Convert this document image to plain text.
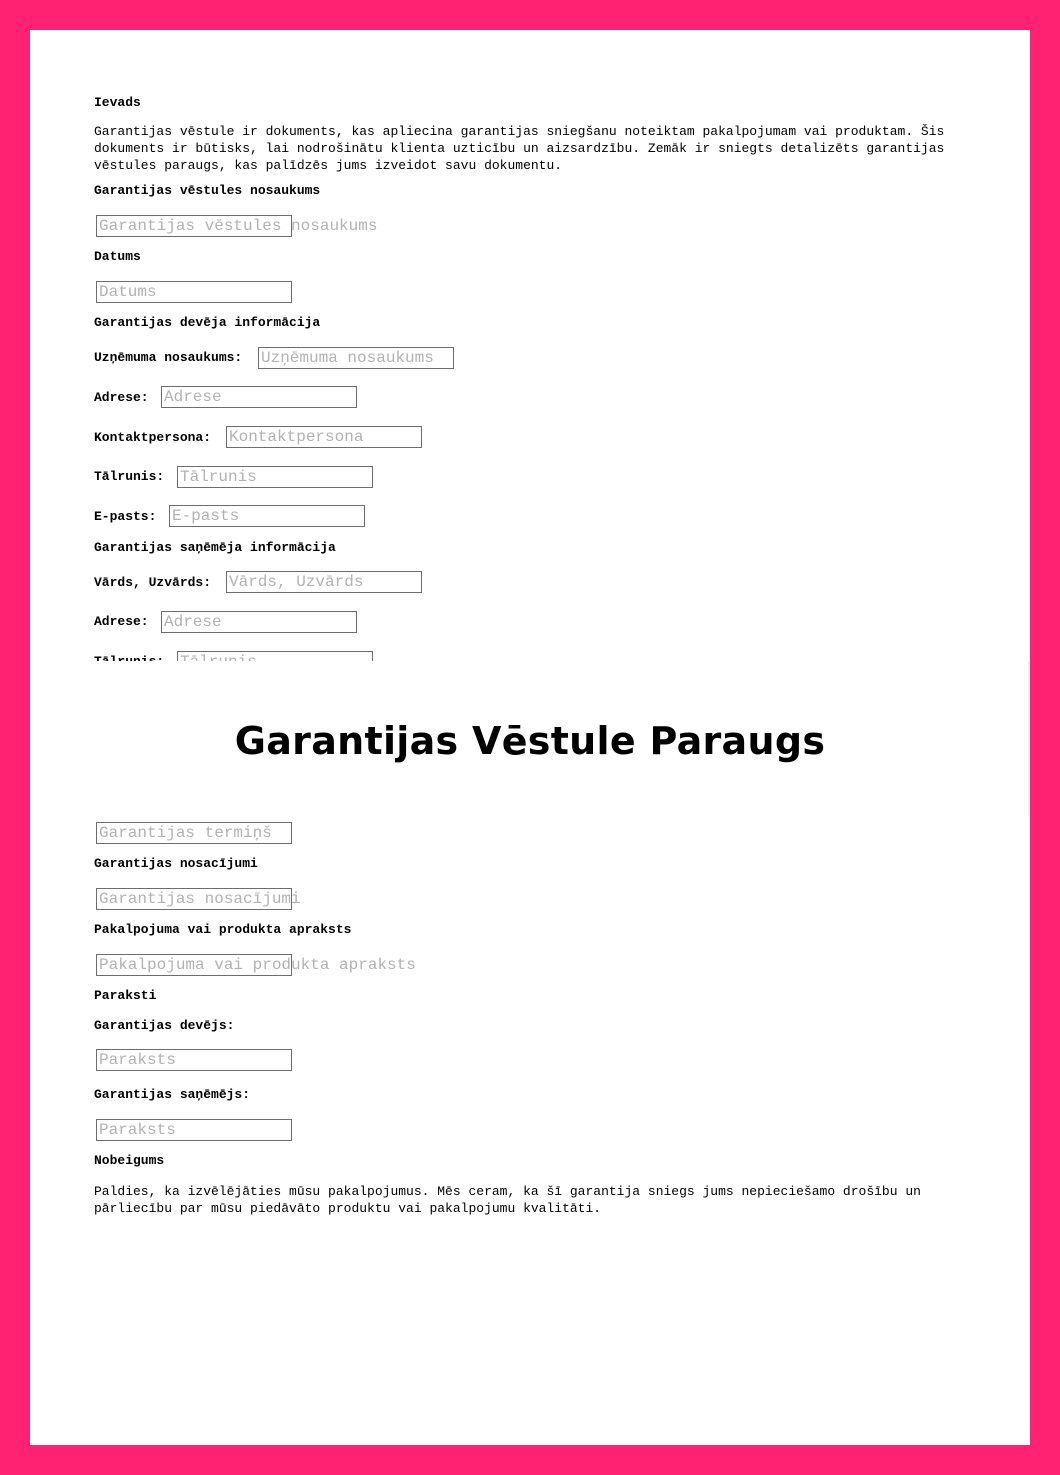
Ievads
Garantijas vēstule ir dokuments, kas apliecina garantijas sniegšanu noteiktam pakalpojumam vai produktam. Šis dokuments ir būtisks, lai nodrošinātu klienta uzticību un aizsardzību. Zemāk ir sniegts detalizēts garantijas vēstules paraugs, kas palīdzēs jums izveidot savu dokumentu.
Garantijas vēstules nosaukums
Garantijas vēstules nosaukums
Datums
Datums
Garantijas devēja informācija
Uzņēmuma nosaukums: Uzņēmuma nosaukums
Adrese: Adrese
Kontaktpersona: Kontaktpersona
Tālrunis: Tālrunis
E-pasts: E-pasts
Garantijas saņēmēja informācija
Vārds, Uzvārds: Vārds, Uzvārds
Adrese: Adrese
Garantijas Vēstule Paraugs
Garantijas termiņš
Garantijas nosacījumi
Garantijas nosacījumi
Pakalpojuma vai produkta apraksts
Pakalpojuma vai produkta apraksts
Paraksti
Garantijas devējs:
Paraksts
Garantijas saņēmējs:
Paraksts
Nobeigums
Paldies, ka izvēlējāties mūsu pakalpojumus. Mēs ceram, ka šī garantija sniegs jums nepieciešamo drošību un pārliecību par mūsu piedāvāto produktu vai pakalpojumu kvalitāti.
